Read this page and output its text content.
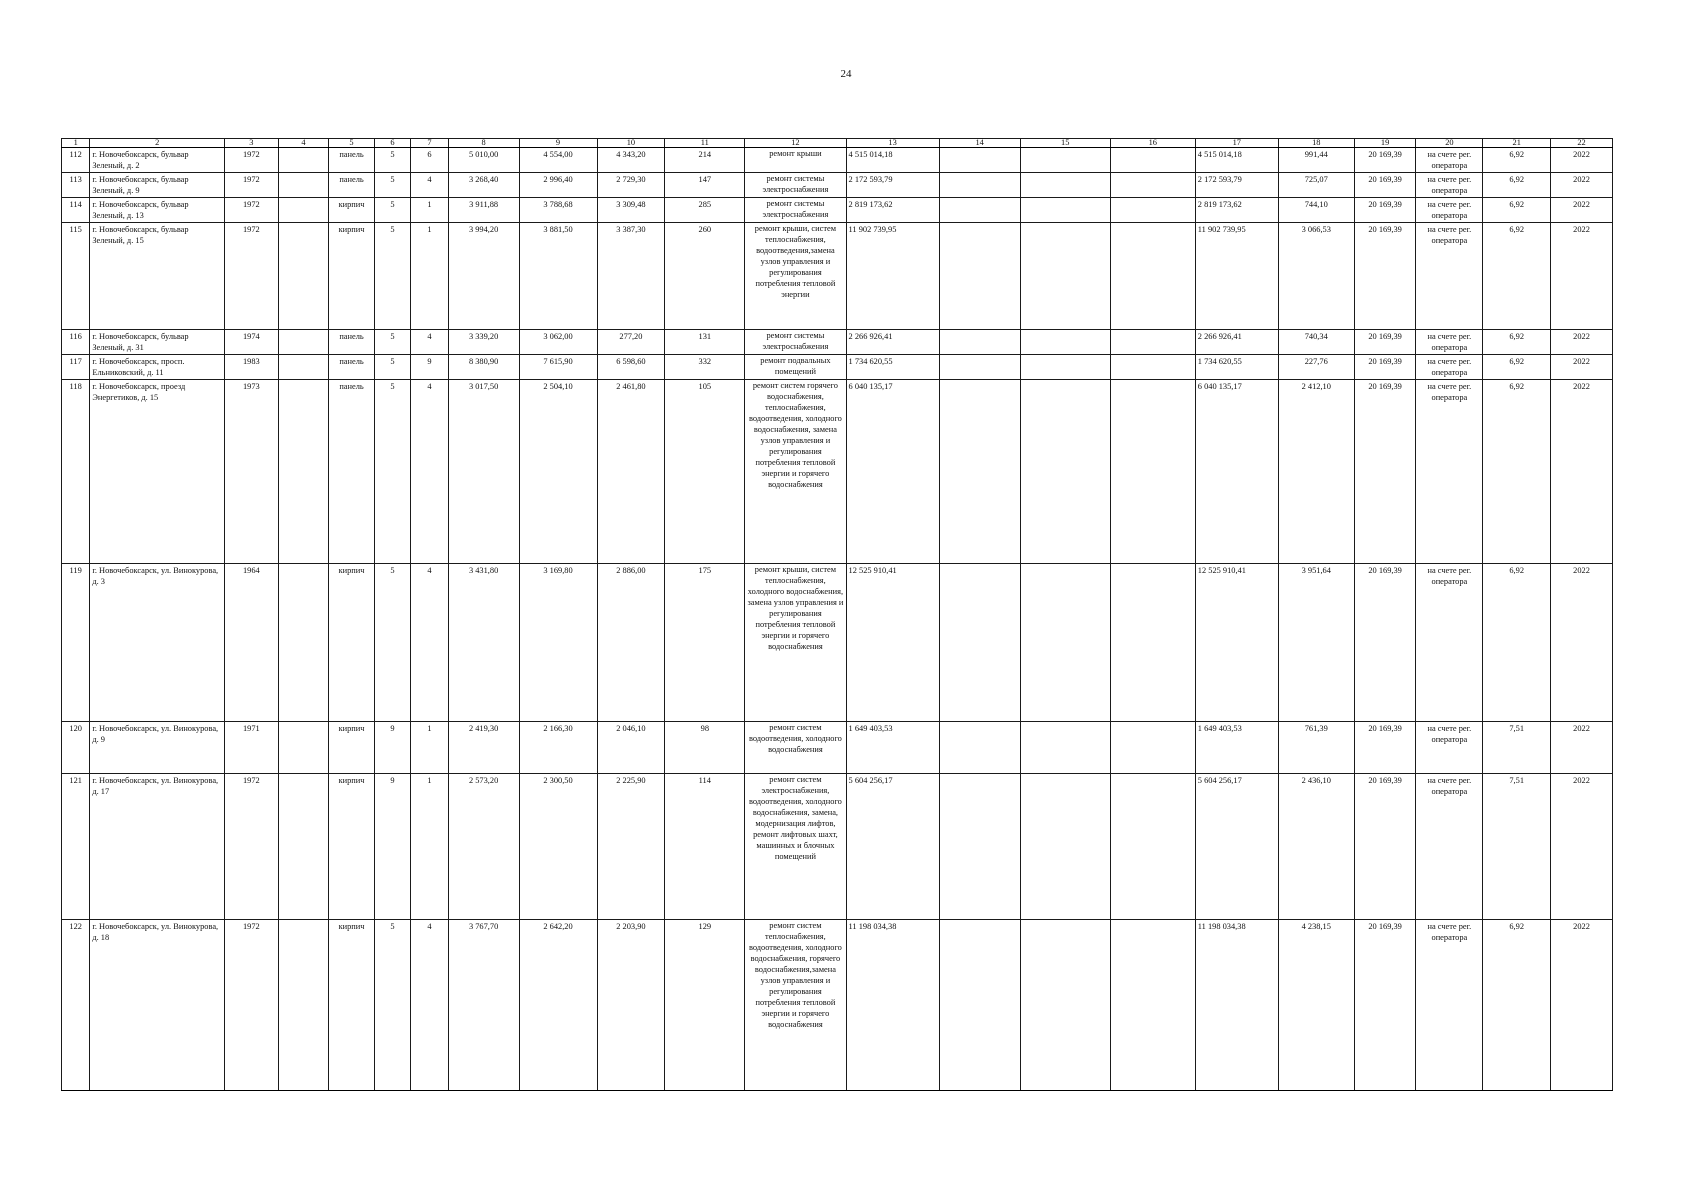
24
1	2	3	4	5	6	7	8	9	10	11	12	13	14	15	16	17	18	19	20	21	22
112	г. Новочебоксарск, бульвар Зеленый, д. 2	1972		панель	5	6	5 010,00	4 554,00	4 343,20	214	ремонт крыши	4 515 014,18				4 515 014,18	991,44	20 169,39	на счете рег. оператора	6,92	2022
113	г. Новочебоксарск, бульвар Зеленый, д. 9	1972		панель	5	4	3 268,40	2 996,40	2 729,30	147	ремонт системы электроснабжения	2 172 593,79				2 172 593,79	725,07	20 169,39	на счете рег. оператора	6,92	2022
114	г. Новочебоксарск, бульвар Зеленый, д. 13	1972		кирпич	5	1	3 911,88	3 788,68	3 309,48	285	ремонт системы электроснабжения	2 819 173,62				2 819 173,62	744,10	20 169,39	на счете рег. оператора	6,92	2022
115	г. Новочебоксарск, бульвар Зеленый, д. 15	1972		кирпич	5	1	3 994,20	3 881,50	3 387,30	260	ремонт крыши, систем теплоснабжения, водоотведения,замена узлов управления и регулирования потребления тепловой энергии	11 902 739,95				11 902 739,95	3 066,53	20 169,39	на счете рег. оператора	6,92	2022
116	г. Новочебоксарск, бульвар Зеленый, д. 31	1974		панель	5	4	3 339,20	3 062,00	277,20	131	ремонт системы электроснабжения	2 266 926,41				2 266 926,41	740,34	20 169,39	на счете рег. оператора	6,92	2022
117	г. Новочебоксарск, просп. Ельниковский, д. 11	1983		панель	5	9	8 380,90	7 615,90	6 598,60	332	ремонт подвальных помещений	1 734 620,55				1 734 620,55	227,76	20 169,39	на счете рег. оператора	6,92	2022
118	г. Новочебоксарск, проезд Энергетиков, д. 15	1973		панель	5	4	3 017,50	2 504,10	2 461,80	105	ремонт систем горячего водоснабжения, теплоснабжения, водоотведения, холодного водоснабжения, замена узлов управления и регулирования потребления тепловой энергии и горячего водоснабжения	6 040 135,17				6 040 135,17	2 412,10	20 169,39	на счете рег. оператора	6,92	2022
119	г. Новочебоксарск, ул. Винокурова, д. 3	1964		кирпич	5	4	3 431,80	3 169,80	2 886,00	175	ремонт крыши, систем теплоснабжения, холодного водоснабжения, замена узлов управления и регулирования потребления тепловой энергии и горячего водоснабжения	12 525 910,41				12 525 910,41	3 951,64	20 169,39	на счете рег. оператора	6,92	2022
120	г. Новочебоксарск, ул. Винокурова, д. 9	1971		кирпич	9	1	2 419,30	2 166,30	2 046,10	98	ремонт систем водоотведения, холодного водоснабжения	1 649 403,53				1 649 403,53	761,39	20 169,39	на счете рег. оператора	7,51	2022
121	г. Новочебоксарск, ул. Винокурова, д. 17	1972		кирпич	9	1	2 573,20	2 300,50	2 225,90	114	ремонт систем электроснабжения, водоотведения, холодного водоснабжения, замена, модернизация лифтов, ремонт лифтовых шахт, машинных и блочных помещений	5 604 256,17				5 604 256,17	2 436,10	20 169,39	на счете рег. оператора	7,51	2022
122	г. Новочебоксарск, ул. Винокурова, д. 18	1972		кирпич	5	4	3 767,70	2 642,20	2 203,90	129	ремонт систем теплоснабжения, водоотведения, холодного водоснабжения, горячего водоснабжения,замена узлов управления и регулирования потребления тепловой энергии и горячего водоснабжения	11 198 034,38				11 198 034,38	4 238,15	20 169,39	на счете рег. оператора	6,92	2022
